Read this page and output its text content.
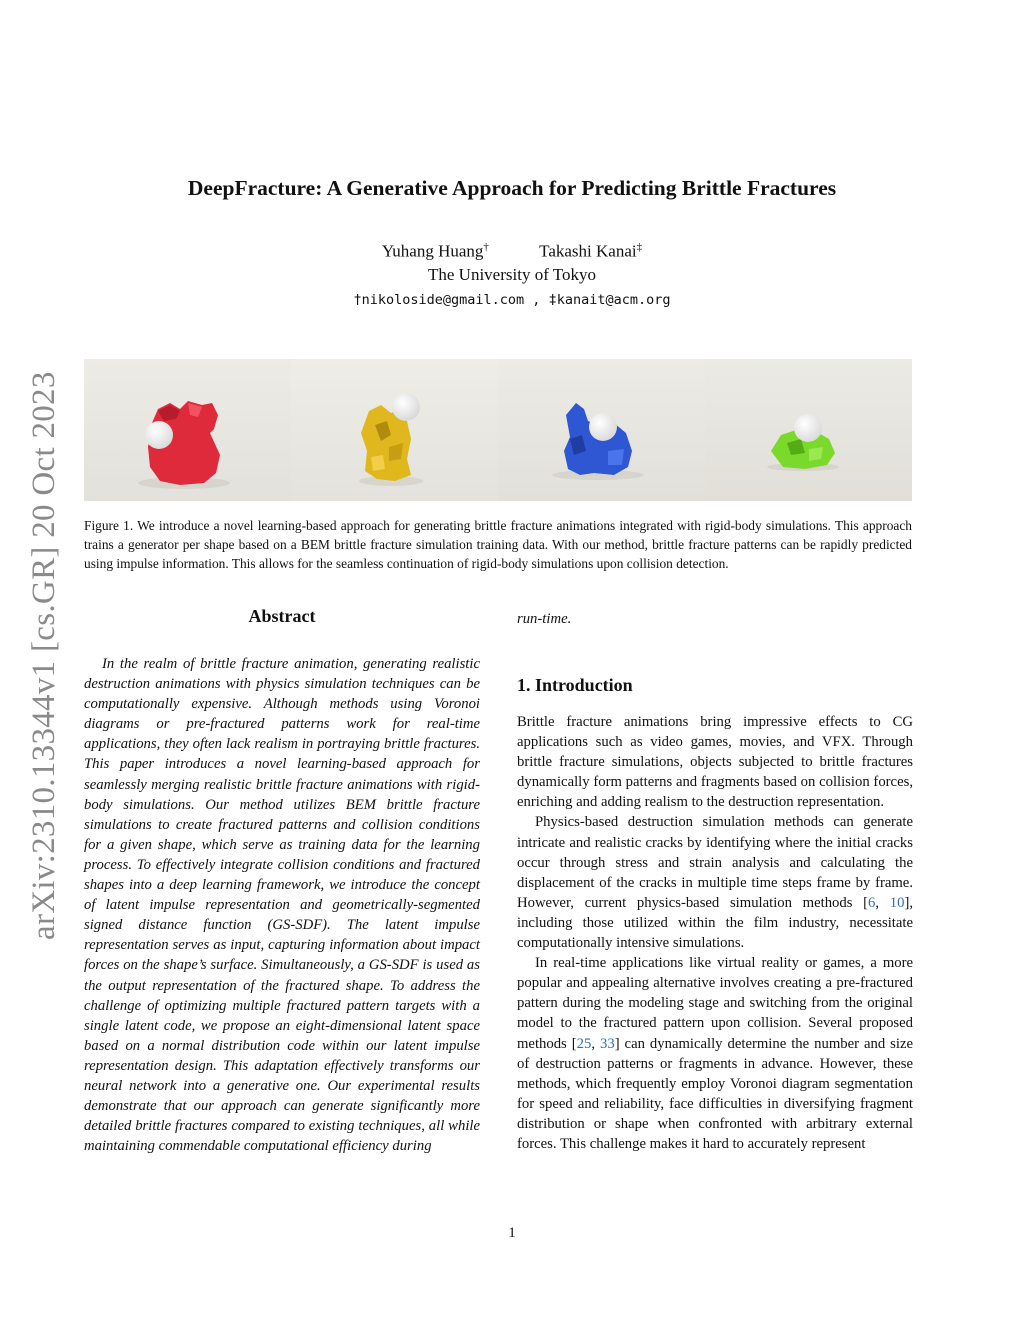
arXiv:2310.13344v1 [cs.GR] 20 Oct 2023
DeepFracture: A Generative Approach for Predicting Brittle Fractures
Yuhang Huang†	Takashi Kanai‡
The University of Tokyo
†nikoloside@gmail.com , ‡kanait@acm.org
Figure 1. We introduce a novel learning-based approach for generating brittle fracture animations integrated with rigid-body simulations. This approach trains a generator per shape based on a BEM brittle fracture simulation training data. With our method, brittle fracture patterns can be rapidly predicted using impulse information. This allows for the seamless continuation of rigid-body simulations upon collision detection.
Abstract

In the realm of brittle fracture animation, generating realistic destruction animations with physics simulation techniques can be computationally expensive. Although methods using Voronoi diagrams or pre-fractured patterns work for real-time applications, they often lack realism in portraying brittle fractures. This paper introduces a novel learning-based approach for seamlessly merging realistic brittle fracture animations with rigid-body simulations. Our method utilizes BEM brittle fracture simulations to create fractured patterns and collision conditions for a given shape, which serve as training data for the learning process. To effectively integrate collision conditions and fractured shapes into a deep learning framework, we introduce the concept of latent impulse representation and geometrically-segmented signed distance function (GS-SDF). The latent impulse representation serves as input, capturing information about impact forces on the shape’s surface. Simultaneously, a GS-SDF is used as the output representation of the fractured shape. To address the challenge of optimizing multiple fractured pattern targets with a single latent code, we propose an eight-dimensional latent space based on a normal distribution code within our latent impulse representation design. This adaptation effectively transforms our neural network into a generative one. Our experimental results demonstrate that our approach can generate significantly more detailed brittle fractures compared to existing techniques, all while maintaining commendable computational efficiency during

run-time.
1. Introduction

Brittle fracture animations bring impressive effects to CG applications such as video games, movies, and VFX. Through brittle fracture simulations, objects subjected to brittle fractures dynamically form patterns and fragments based on collision forces, enriching and adding realism to the destruction representation.

Physics-based destruction simulation methods can generate intricate and realistic cracks by identifying where the initial cracks occur through stress and strain analysis and calculating the displacement of the cracks in multiple time steps frame by frame. However, current physics-based simulation methods [6, 10], including those utilized within the film industry, necessitate computationally intensive simulations.

In real-time applications like virtual reality or games, a more popular and appealing alternative involves creating a pre-fractured pattern during the modeling stage and switching from the original model to the fractured pattern upon collision. Several proposed methods [25, 33] can dynamically determine the number and size of destruction patterns or fragments in advance. However, these methods, which frequently employ Voronoi diagram segmentation for speed and reliability, face difficulties in diversifying fragment distribution or shape when confronted with arbitrary external forces. This challenge makes it hard to accurately represent

1
